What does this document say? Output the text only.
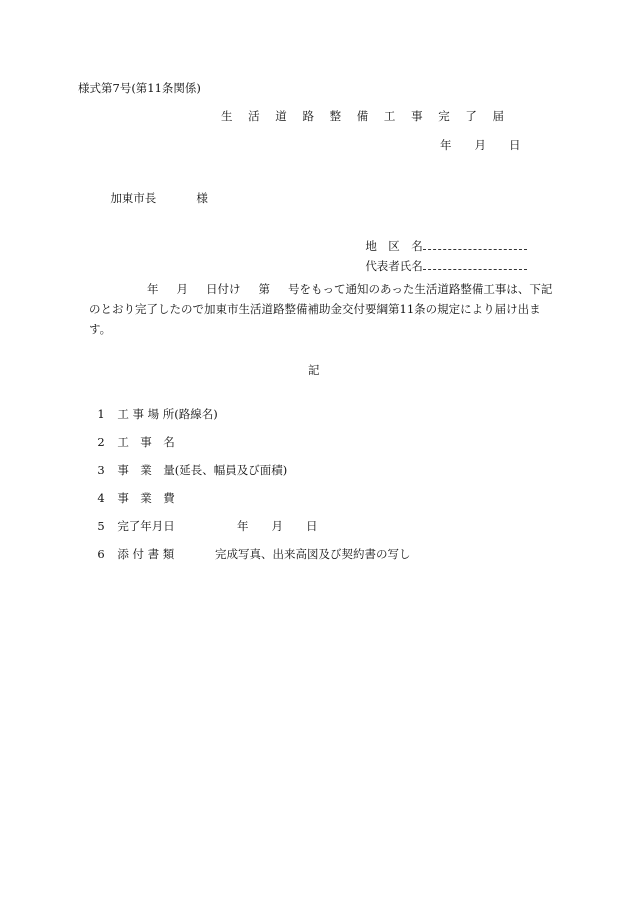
様式第7号(第11条関係)
生 活 道 路 整 備 工 事 完 了 届
年　　月　　日

加東市長	様

地　区　名

代表者氏名

年 月 日付け 第 号をもって通知のあった生活道路整備工事は、下記のとおり完了したので加東市生活道路整備補助金交付要綱第11条の規定により届け出ます。
記

1 工 事 場 所(路線名)

2 工　事　名

3 事　業　量(延長、幅員及び面積)

4 事　業　費

5 完了年月日	年　　月　　日

6 添 付 書 類	完成写真、出来高図及び契約書の写し
